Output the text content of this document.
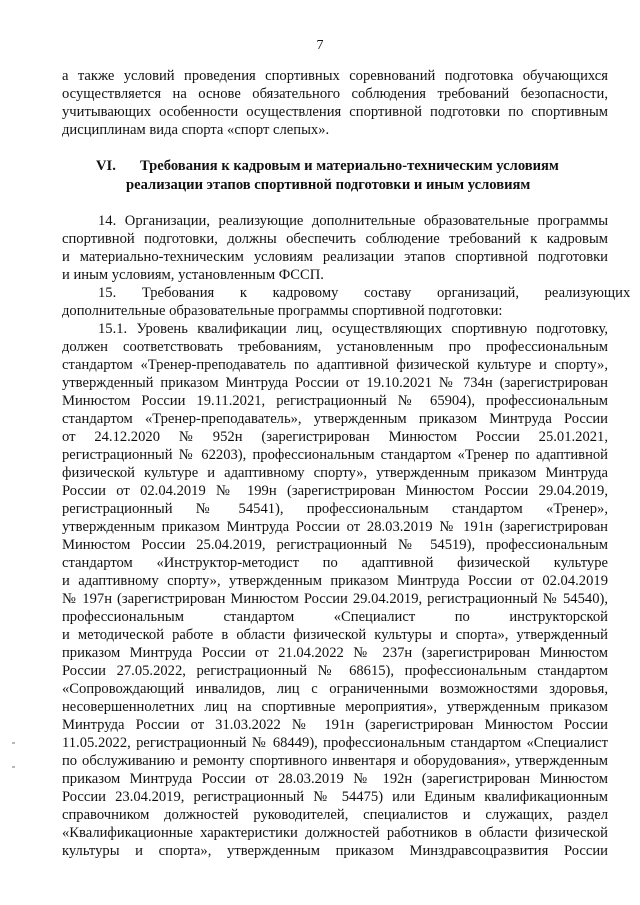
7
а также условий проведения спортивных соревнований подготовка обучающихся
осуществляется на основе обязательного соблюдения требований безопасности,
учитывающих особенности осуществления спортивной подготовки по спортивным
дисциплинам вида спорта «спорт слепых».
VI. Требования к кадровым и материально-техническим условиям
реализации этапов спортивной подготовки и иным условиям
14. Организации, реализующие дополнительные образовательные программы
спортивной подготовки, должны обеспечить соблюдение требований к кадровым
и материально-техническим условиям реализации этапов спортивной подготовки
и иным условиям, установленным ФССП.
15. Требования к кадровому составу организаций, реализующих
дополнительные образовательные программы спортивной подготовки:
15.1. Уровень квалификации лиц, осуществляющих спортивную подготовку,
должен соответствовать требованиям, установленным про профессиональным
стандартом «Тренер-преподаватель по адаптивной физической культуре и спорту»,
утвержденный приказом Минтруда России от 19.10.2021 № 734н (зарегистрирован
Минюстом России 19.11.2021, регистрационный № 65904), профессиональным
стандартом «Тренер-преподаватель», утвержденным приказом Минтруда России
от 24.12.2020 № 952н (зарегистрирован Минюстом России 25.01.2021,
регистрационный № 62203), профессиональным стандартом «Тренер по адаптивной
физической культуре и адаптивному спорту», утвержденным приказом Минтруда
России от 02.04.2019 № 199н (зарегистрирован Минюстом России 29.04.2019,
регистрационный № 54541), профессиональным стандартом «Тренер»,
утвержденным приказом Минтруда России от 28.03.2019 № 191н (зарегистрирован
Минюстом России 25.04.2019, регистрационный № 54519), профессиональным
стандартом «Инструктор-методист по адаптивной физической культуре
и адаптивному спорту», утвержденным приказом Минтруда России от 02.04.2019
№ 197н (зарегистрирован Минюстом России 29.04.2019, регистрационный № 54540),
профессиональным стандартом «Специалист по инструкторской
и методической работе в области физической культуры и спорта», утвержденный
приказом Минтруда России от 21.04.2022 № 237н (зарегистрирован Минюстом
России 27.05.2022, регистрационный № 68615), профессиональным стандартом
«Сопровождающий инвалидов, лиц с ограниченными возможностями здоровья,
несовершеннолетних лиц на спортивные мероприятия», утвержденным приказом
Минтруда России от 31.03.2022 № 191н (зарегистрирован Минюстом России
11.05.2022, регистрационный № 68449), профессиональным стандартом «Специалист
по обслуживанию и ремонту спортивного инвентаря и оборудования», утвержденным
приказом Минтруда России от 28.03.2019 № 192н (зарегистрирован Минюстом
России 23.04.2019, регистрационный № 54475) или Единым квалификационным
справочником должностей руководителей, специалистов и служащих, раздел
«Квалификационные характеристики должностей работников в области физической
культуры и спорта», утвержденным приказом Минздравсоцразвития России
